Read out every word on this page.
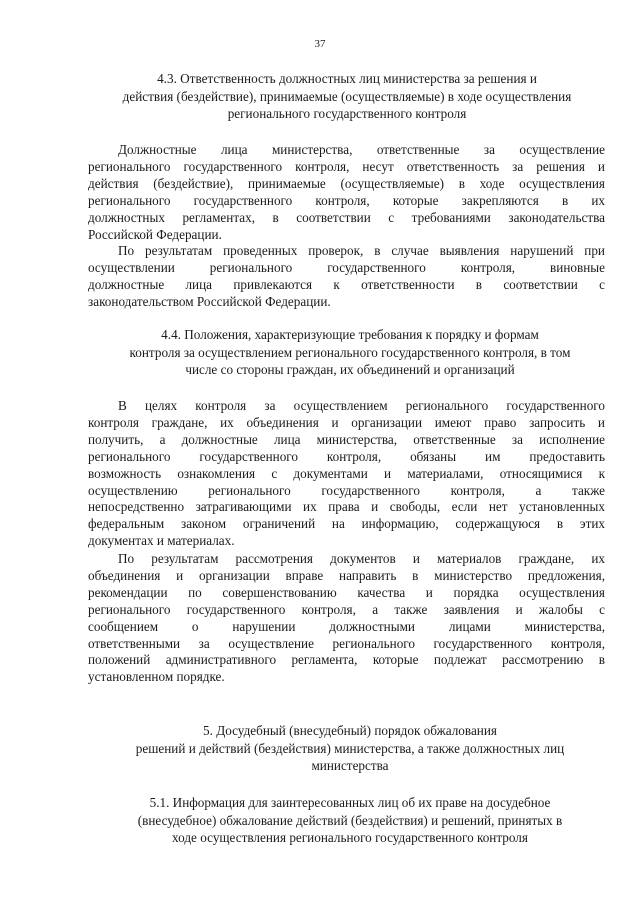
37
4.3. Ответственность должностных лиц министерства за решения и
действия (бездействие), принимаемые (осуществляемые) в ходе осуществления
регионального государственного контроля
Должностные лица министерства, ответственные за осуществление
регионального государственного контроля, несут ответственность за решения и
действия (бездействие), принимаемые (осуществляемые) в ходе осуществления
регионального государственного контроля, которые закрепляются в их
должностных регламентах, в соответствии с требованиями законодательства
Российской Федерации.
По результатам проведенных проверок, в случае выявления нарушений при
осуществлении регионального государственного контроля, виновные
должностные лица привлекаются к ответственности в соответствии с
законодательством Российской Федерации.
4.4. Положения, характеризующие требования к порядку и формам
контроля за осуществлением регионального государственного контроля, в том
числе со стороны граждан, их объединений и организаций
В целях контроля за осуществлением регионального государственного
контроля граждане, их объединения и организации имеют право запросить и
получить, а должностные лица министерства, ответственные за исполнение
регионального государственного контроля, обязаны им предоставить
возможность ознакомления с документами и материалами, относящимися к
осуществлению регионального государственного контроля, а также
непосредственно затрагивающими их права и свободы, если нет установленных
федеральным законом ограничений на информацию, содержащуюся в этих
документах и материалах.
По результатам рассмотрения документов и материалов граждане, их
объединения и организации вправе направить в министерство предложения,
рекомендации по совершенствованию качества и порядка осуществления
регионального государственного контроля, а также заявления и жалобы с
сообщением о нарушении должностными лицами министерства,
ответственными за осуществление регионального государственного контроля,
положений административного регламента, которые подлежат рассмотрению в
установленном порядке.
5. Досудебный (внесудебный) порядок обжалования
решений и действий (бездействия) министерства, а также должностных лиц
министерства
5.1. Информация для заинтересованных лиц об их праве на досудебное
(внесудебное) обжалование действий (бездействия) и решений, принятых в
ходе осуществления регионального государственного контроля
